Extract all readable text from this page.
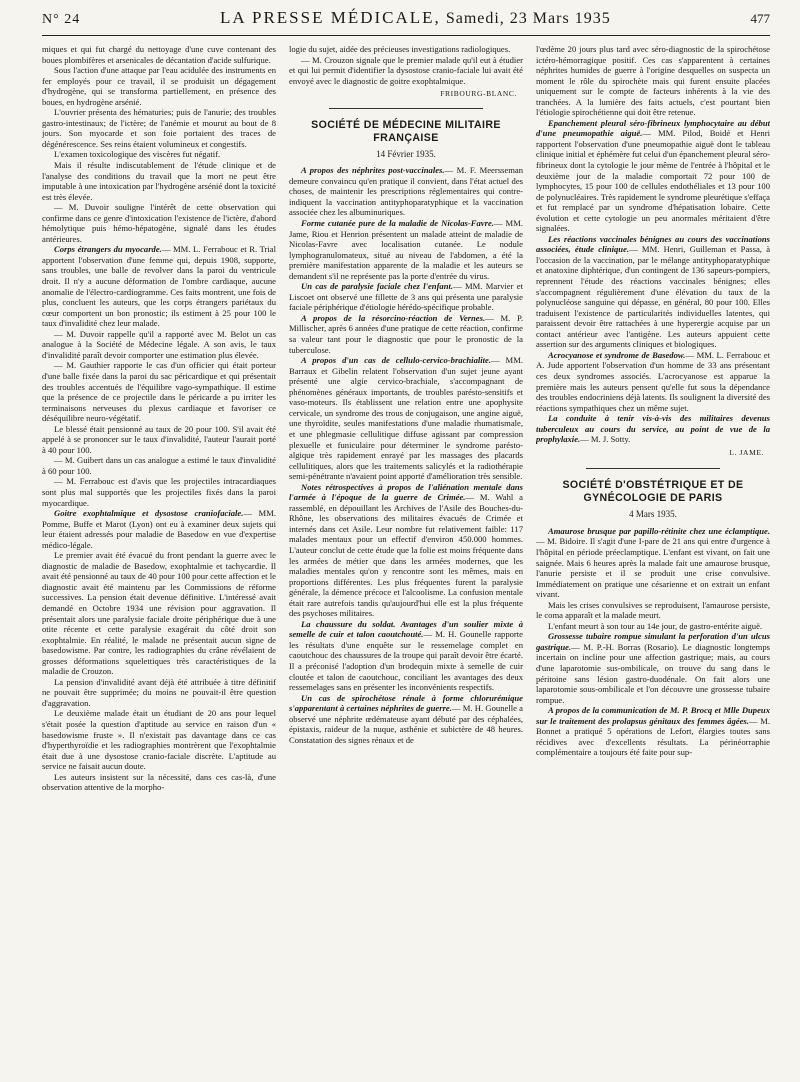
N° 24	LA PRESSE MÉDICALE, Samedi, 23 Mars 1935	477

miques et qui fut chargé du nettoyage d'une cuve contenant des boues plombifères et arsenicales de décantation d'acide sulfurique.

Sous l'action d'une attaque par l'eau acidulée des instruments en fer employés pour ce travail, il se produisit un dégagement d'hydrogène, qui se transforma partiellement, en présence des boues, en hydrogène arsénié.

L'ouvrier présenta des hématuries; puis de l'anurie; des troubles gastro-intestinaux; de l'ictère; de l'anémie et mourut au bout de 8 jours. Son myocarde et son foie portaient des traces de dégénérescence. Ses reins étaient volumineux et congestifs.

L'examen toxicologique des viscères fut négatif.

Mais il résulte indiscutablement de l'étude clinique et de l'analyse des conditions du travail que la mort ne peut être imputable à une intoxication par l'hydrogène arsénié dont la toxicité est très élevée.

— M. Duvoir souligne l'intérêt de cette observation qui confirme dans ce genre d'intoxication l'existence de l'ictère, d'abord hémolytique puis hémo-hépatogène, signalé dans les études antérieures.

Corps étrangers du myocarde.— MM. L. Ferrabouc et R. Trial apportent l'observation d'une femme qui, depuis 1908, supporte, sans troubles, une balle de revolver dans la paroi du ventricule droit. Il n'y a aucune déformation de l'ombre cardiaque, aucune anomalie de l'électro-cardiogramme. Ces faits montrent, une fois de plus, concluent les auteurs, que les corps étrangers pariétaux du cœur comportent un bon pronostic; ils estiment à 25 pour 100 le taux d'invalidité chez leur malade.

— M. Duvoir rappelle qu'il a rapporté avec M. Belot un cas analogue à la Société de Médecine légale. A son avis, le taux d'invalidité paraît devoir comporter une estimation plus élevée.

— M. Gauthier rapporte le cas d'un officier qui était porteur d'une balle fixée dans la paroi du sac péricardique et qui présentait des troubles accentués de l'équilibre vago-sympathique. Il estime que la présence de ce projectile dans le péricarde a pu irriter les terminaisons nerveuses du plexus cardiaque et favoriser ce déséquilibre neuro-végétatif.

Le blessé était pensionné au taux de 20 pour 100. S'il avait été appelé à se prononcer sur le taux d'invalidité, l'auteur l'aurait porté à 40 pour 100.

— M. Guibert dans un cas analogue a estimé le taux d'invalidité à 60 pour 100.

— M. Ferrabouc est d'avis que les projectiles intracardiaques sont plus mal supportés que les projectiles fixés dans la paroi myocardique.

Goitre exophtalmique et dysostose craniofaciale.— MM. Pomme, Buffe et Marot (Lyon) ont eu à examiner deux sujets qui leur étaient adressés pour maladie de Basedow en vue d'expertise médico-légale.

Le premier avait été évacué du front pendant la guerre avec le diagnostic de maladie de Basedow, exophtalmie et tachycardie. Il avait été pensionné au taux de 40 pour 100 pour cette affection et le diagnostic avait été maintenu par les Commissions de réforme successives. La pension était devenue définitive. L'intéressé avait demandé en Octobre 1934 une révision pour aggravation. Il présentait alors une paralysie faciale droite périphérique due à une otite récente et cette paralysie exagérait du côté droit son exophtalmie. En réalité, le malade ne présentait aucun signe de basedowisme. Par contre, les radiographies du crâne révélaient de grosses déformations squelettiques très caractéristiques de la maladie de Crouzon.

La pension d'invalidité avant déjà été attribuée à titre définitif ne pouvait être supprimée; du moins ne pouvait-il être question d'aggravation.

Le deuxième malade était un étudiant de 20 ans pour lequel s'était posée la question d'aptitude au service en raison d'un « basedowisme fruste ». Il n'existait pas davantage dans ce cas d'hyperthyroïdie et les radiographies montrèrent que l'exophtalmie était due à une dysostose cranio-faciale discrète. L'aptitude au service ne faisait aucun doute.

Les auteurs insistent sur la nécessité, dans ces cas-là, d'une observation attentive de la morpho-

logie du sujet, aidée des précieuses investigations radiologiques.

— M. Crouzon signale que le premier malade qu'il eut à étudier et qui lui permit d'identifier la dysostose cranio-faciale lui avait été envoyé avec le diagnostic de goitre exophtalmique.

FRIBOURG-BLANC.
SOCIÉTÉ DE MÉDECINE MILITAIRE FRANÇAISE
14 Février 1935.

A propos des néphrites post-vaccinales.— M. F. Meersseman demeure convaincu qu'en pratique il convient, dans l'état actuel des choses, de maintenir les prescriptions réglementaires qui contre-indiquent la vaccination antityphoparatyphique et la vaccination associée chez les albuminuriques.

Forme cutanée pure de la maladie de Nicolas-Favre.— MM. Jame, Riou et Henrion présentent un malade atteint de maladie de Nicolas-Favre avec localisation cutanée. Le nodule lymphogranulomateux, situé au niveau de l'abdomen, a été la première manifestation apparente de la maladie et les auteurs se demandent s'il ne représente pas la porte d'entrée du virus.

Un cas de paralysie faciale chez l'enfant.— MM. Marvier et Liscoet ont observé une fillette de 3 ans qui présenta une paralysie faciale périphérique d'étiologie hérédo-spécifique probable.

A propos de la résorcino-réaction de Vernes.— M. P. Millischer, après 6 années d'une pratique de cette réaction, confirme sa valeur tant pour le diagnostic que pour le pronostic de la tuberculose.

A propos d'un cas de cellulo-cervico-brachialite.— MM. Barraux et Gibelin relatent l'observation d'un sujet jeune ayant présenté une algie cervico-brachiale, s'accompagnant de phénomènes généraux importants, de troubles parésto-sensitifs et vaso-moteurs. Ils établissent une relation entre une apophysite cervicale, un syndrome des trous de conjugaison, une angine aiguë, une thyroïdite, seules manifestations d'une maladie rhumatismale, et une phlegmasie cellulitique diffuse agissant par compression plexuelle et funiculaire pour déterminer le syndrome parésto-algique très rapidement enrayé par les massages des placards cellulitiques, alors que les traitements salicylés et la radiothérapie semi-pénétrante n'avaient point apporté d'amélioration très sensible.

Notes rétrospectives à propos de l'aliénation mentale dans l'armée à l'époque de la guerre de Crimée.— M. Wahl a rassemblé, en dépouillant les Archives de l'Asile des Bouches-du-Rhône, les observations des militaires évacués de Crimée et internés dans cet Asile. Leur nombre fut relativement faible: 117 malades mentaux pour un effectif d'environ 450.000 hommes. L'auteur conclut de cette étude que la folie est moins fréquente dans les armées de métier que dans les armées modernes, que les maladies mentales qu'on y rencontre sont les mêmes, mais en proportions différentes. Les plus fréquentes furent la paralysie générale, la démence précoce et l'alcoolisme. La confusion mentale était rare autrefois tandis qu'aujourd'hui elle est la plus fréquente des psychoses militaires.

La chaussure du soldat. Avantages d'un soulier mixte à semelle de cuir et talon caoutchouté.— M. H. Gounelle rapporte les résultats d'une enquête sur le ressemelage complet en caoutchouc des chaussures de la troupe qui paraît devoir être écarté. Il a préconisé l'adoption d'un brodequin mixte à semelle de cuir cloutée et talon de caoutchouc, conciliant les avantages des deux ressemelages sans en présenter les inconvénients respectifs.

Un cas de spirochétose rénale à forme chlorurémique s'apparentant à certaines néphrites de guerre.— M. H. Gounelle a observé une néphrite œdémateuse ayant débuté par des céphalées, épistaxis, raideur de la nuque, asthénie et subictère de 48 heures. Constatation des signes rénaux et de

l'œdème 20 jours plus tard avec séro-diagnostic de la spirochétose ictéro-hémorragique positif. Ces cas s'apparentent à certaines néphrites humides de guerre à l'origine desquelles on suspecta un moment le rôle du spirochète mais qui furent ensuite placées uniquement sur le compte de facteurs inhérents à la vie des tranchées. A la lumière des faits actuels, c'est pourtant bien l'étiologie spirochétienne qui doit être retenue.

Epanchement pleural séro-fibrineux lymphocytaire au début d'une pneumopathie aiguë.— MM. Pilod, Boidé et Henri rapportent l'observation d'une pneumopathie aiguë dont le tableau clinique initial et éphémère fut celui d'un épanchement pleural séro-fibrineux dont la cytologie le jour même de l'entrée à l'hôpital et le deuxième jour de la maladie comportait 72 pour 100 de lymphocytes, 15 pour 100 de cellules endothéliales et 13 pour 100 de polynucléaires. Très rapidement le syndrome pleurétique s'effaça et fut remplacé par un syndrome d'hépatisation lobaire. Cette évolution et cette cytologie un peu anormales méritaient d'être signalées.

Les réactions vaccinales bénignes au cours des vaccinations associées, étude clinique.— MM. Henri, Guilleman et Passa, à l'occasion de la vaccination, par le mélange antityphoparatyphique et anatoxine diphtérique, d'un contingent de 136 sapeurs-pompiers, reprennent l'étude des réactions vaccinales bénignes; elles s'accompagnent régulièrement d'une élévation du taux de la polynucléose sanguine qui dépasse, en général, 80 pour 100. Elles traduisent l'existence de particularités individuelles latentes, qui paraissent devoir être rattachées à une hyperergie acquise par un contact antérieur avec l'antigène. Les auteurs appuient cette assertion sur des arguments cliniques et biologiques.

Acrocyanose et syndrome de Basedow.— MM. L. Ferrabouc et A. Jude apportent l'observation d'un homme de 33 ans présentant ces deux syndromes associés. L'acrocyanose est apparue la première mais les auteurs pensent qu'elle fut sous la dépendance des troubles endocriniens déjà latents. Ils soulignent la diversité des réactions sympathiques chez un même sujet.

La conduite à tenir vis-à-vis des militaires devenus tuberculeux au cours du service, au point de vue de la prophylaxie.— M. J. Sotty.

L. JAME.
SOCIÉTÉ D'OBSTÉTRIQUE ET DE GYNÉCOLOGIE DE PARIS
4 Mars 1935.

Amaurose brusque par papillo-rétinite chez une éclamptique.— M. Bidoire. Il s'agit d'une I-pare de 21 ans qui entre d'urgence à l'hôpital en période préeclamptique. L'enfant est vivant, on fait une saignée. Mais 6 heures après la malade fait une amaurose brusque, l'anurie persiste et il se produit une crise convulsive. Immédiatement on pratique une césarienne et on extrait un enfant vivant.

Mais les crises convulsives se reproduisent, l'amaurose persiste, le coma apparaît et la malade meurt.

L'enfant meurt à son tour au 14e jour, de gastro-entérite aiguë.

Grossesse tubaire rompue simulant la perforation d'un ulcus gastrique.— M. P.-H. Borras (Rosario). Le diagnostic longtemps incertain on incline pour une affection gastrique; mais, au cours d'une laparotomie sus-ombilicale, on trouve du sang dans le péritoine sans lésion gastro-duodénale. On fait alors une laparotomie sous-ombilicale et l'on découvre une grossesse tubaire rompue.

A propos de la communication de M. P. Brocq et Mlle Dupeux sur le traitement des prolapsus génitaux des femmes âgées.— M. Bonnet a pratiqué 5 opérations de Lefort, élargies toutes sans récidives avec d'excellents résultats. La périnéorraphie complémentaire a toujours été faite pour sup-
